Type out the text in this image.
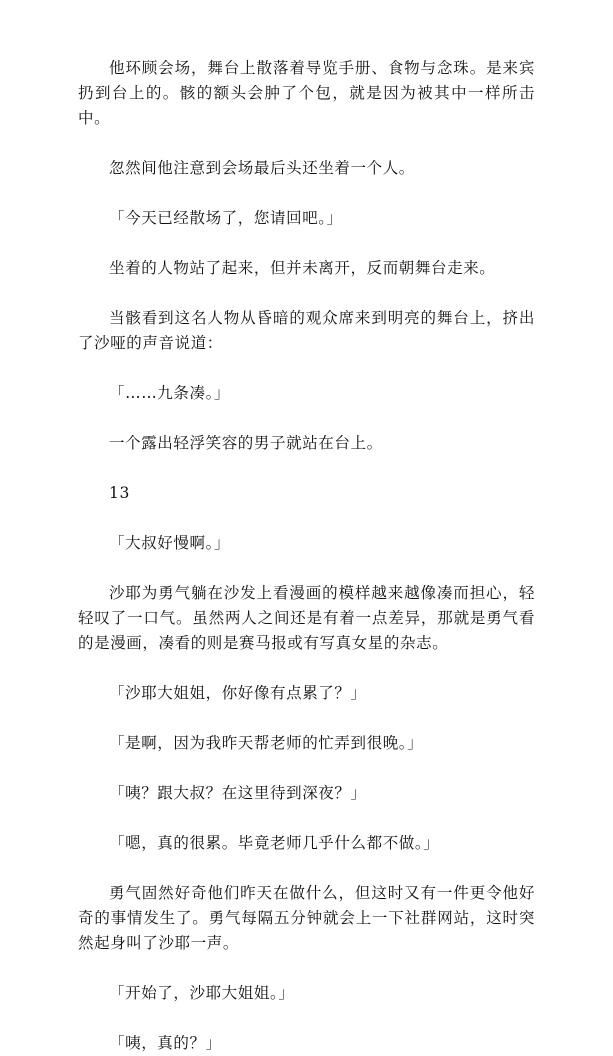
他环顾会场，舞台上散落着导览手册、食物与念珠。是来宾扔到台上的。骸的额头会肿了个包，就是因为被其中一样所击中。

忽然间他注意到会场最后头还坐着一个人。

「今天已经散场了，您请回吧。」

坐着的人物站了起来，但并未离开，反而朝舞台走来。

当骸看到这名人物从昏暗的观众席来到明亮的舞台上，挤出了沙哑的声音说道：

「……九条凑。」

一个露出轻浮笑容的男子就站在台上。

13

「大叔好慢啊。」

沙耶为勇气躺在沙发上看漫画的模样越来越像凑而担心，轻轻叹了一口气。虽然两人之间还是有着一点差异，那就是勇气看的是漫画，凑看的则是赛马报或有写真女星的杂志。

「沙耶大姐姐，你好像有点累了？」

「是啊，因为我昨天帮老师的忙弄到很晚。」

「咦？跟大叔？在这里待到深夜？」

「嗯，真的很累。毕竟老师几乎什么都不做。」

勇气固然好奇他们昨天在做什么，但这时又有一件更令他好奇的事情发生了。勇气每隔五分钟就会上一下社群网站，这时突然起身叫了沙耶一声。

「开始了，沙耶大姐姐。」

「咦，真的？」
